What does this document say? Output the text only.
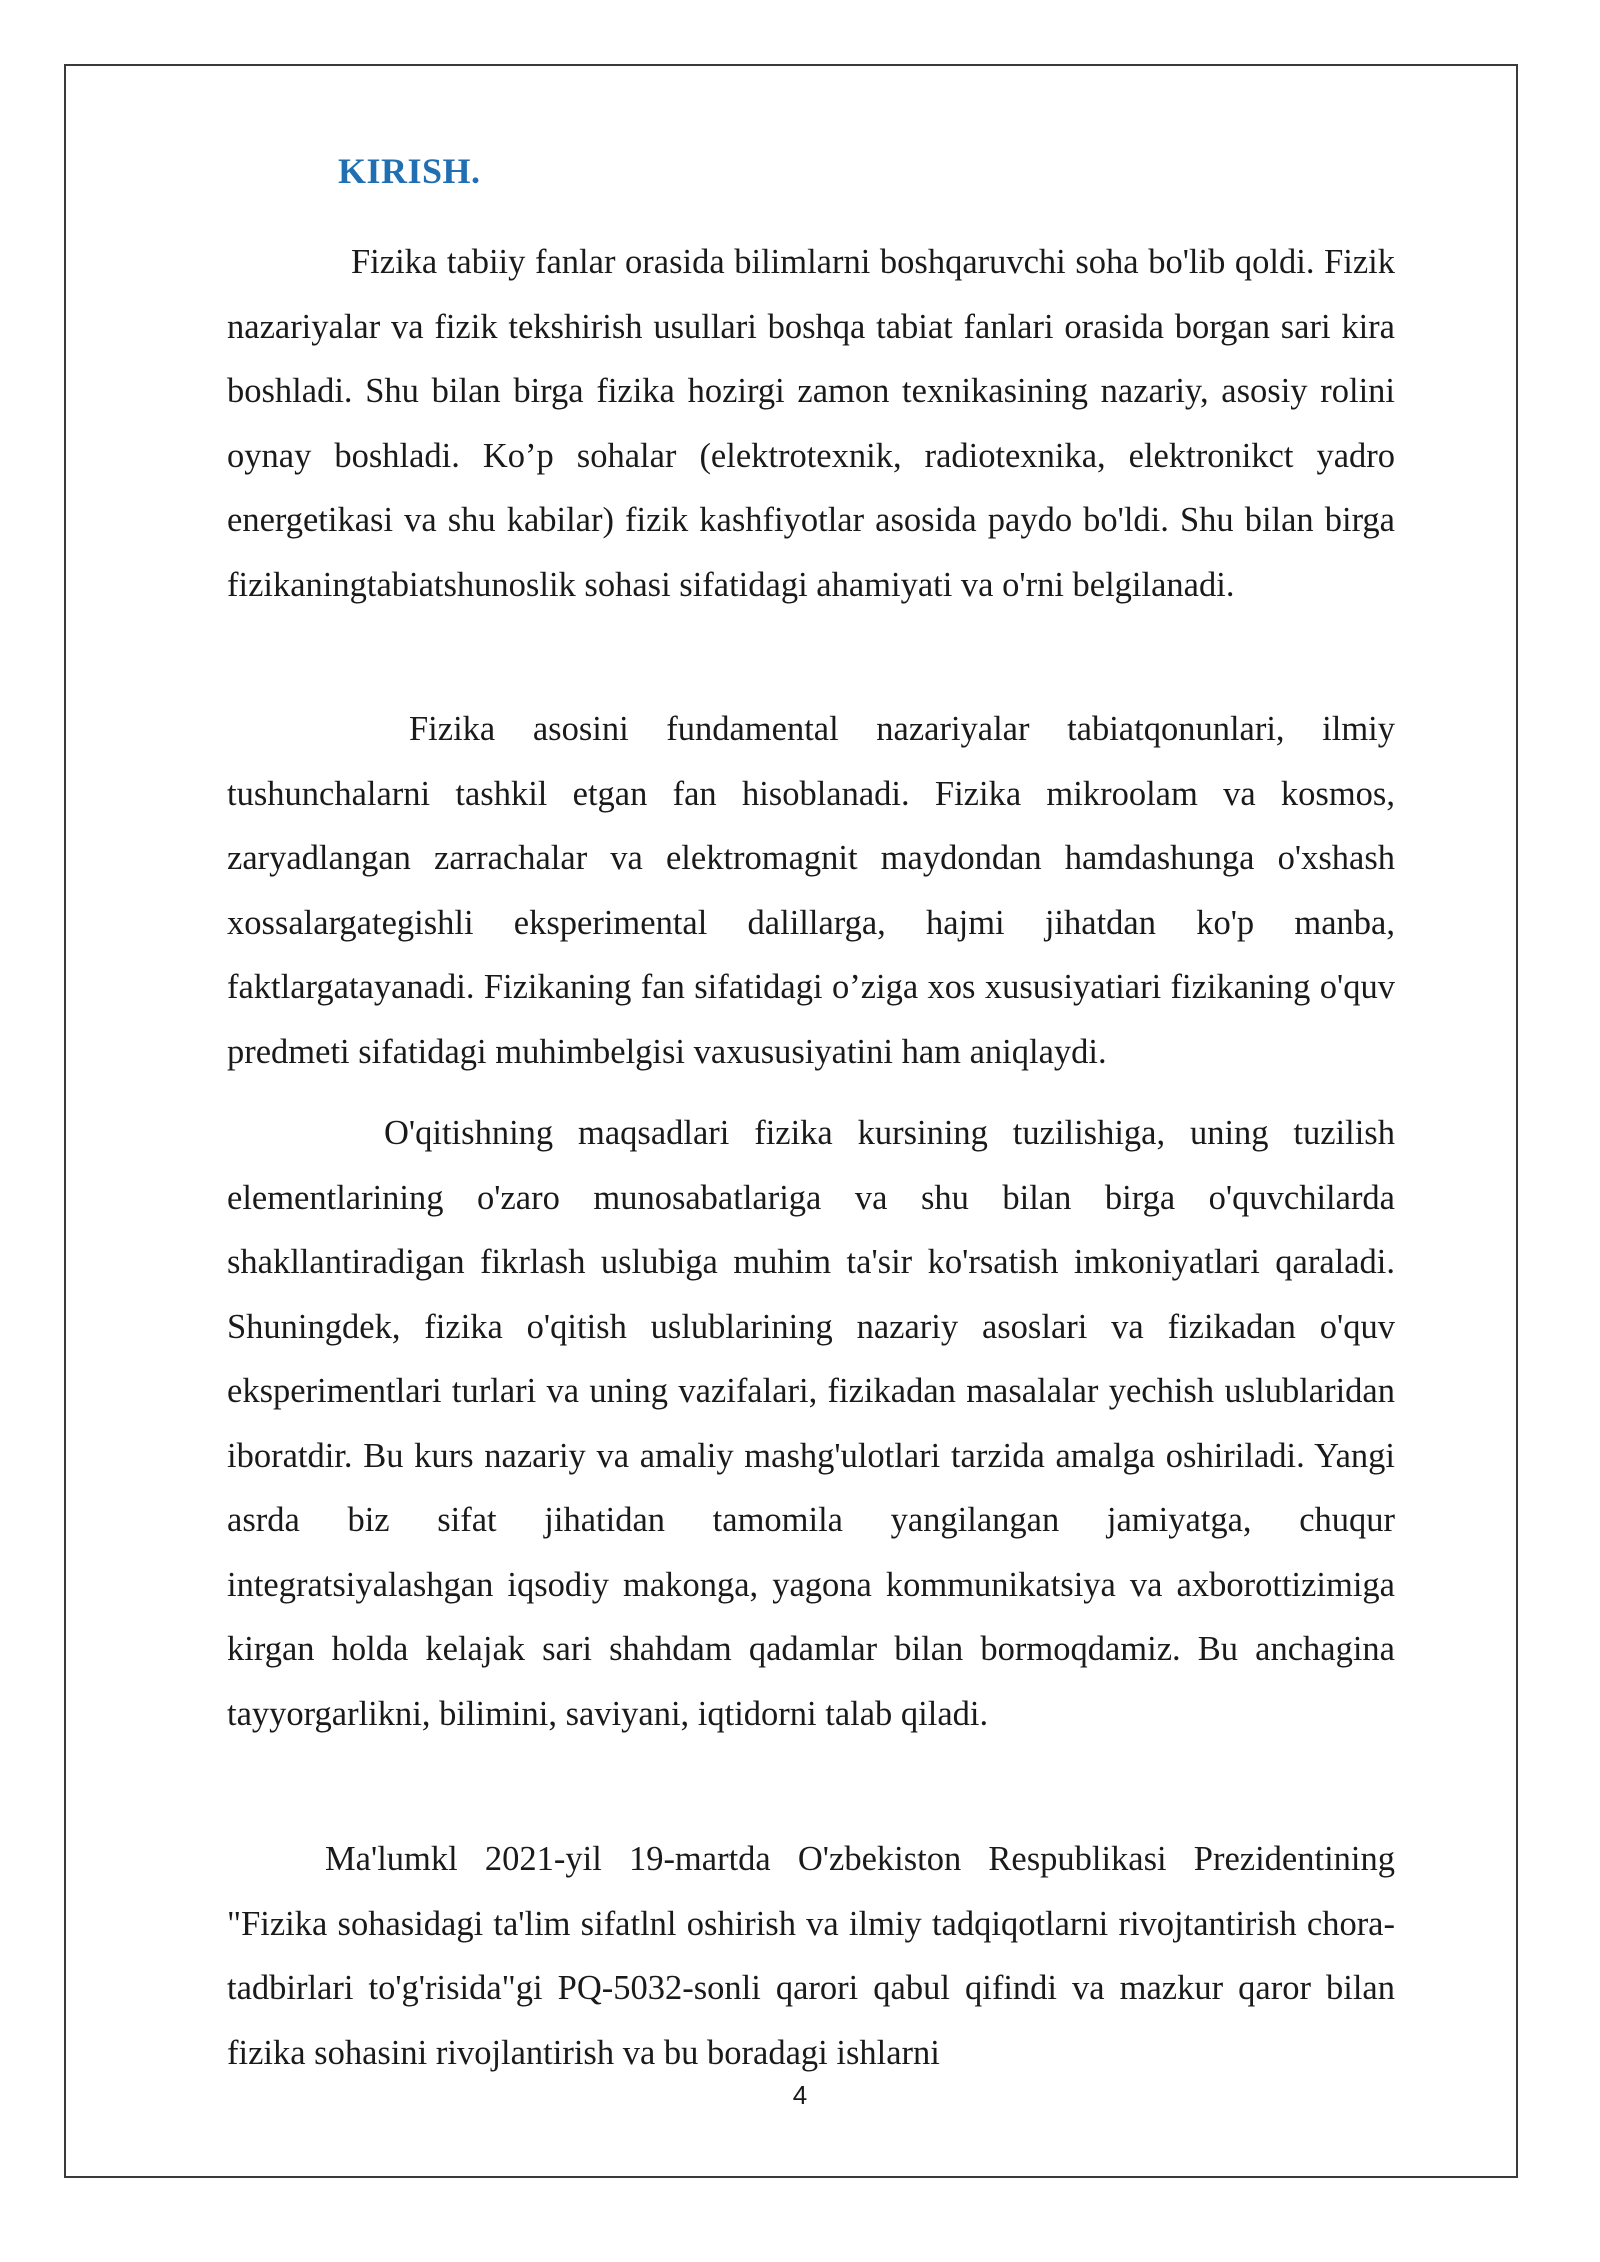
KIRISH.

Fizika tabiiy fanlar orasida bilimlarni boshqaruvchi soha bo'lib qoldi. Fizik nazariyalar va fizik tekshirish usullari boshqa tabiat fanlari orasida borgan sari kira boshladi. Shu bilan birga fizika hozirgi zamon texnikasining nazariy, asosiy rolini oynay boshladi. Ko’p sohalar (elektrotexnik, radiotexnika, elektronikct yadro energetikasi va shu kabilar) fizik kashfiyotlar asosida paydo bo'ldi. Shu bilan birga fizikaningtabiatshunoslik sohasi sifatidagi ahamiyati va o'rni belgilanadi.

Fizika asosini fundamental nazariyalar tabiatqonunlari, ilmiy tushunchalarni tashkil etgan fan hisoblanadi. Fizika mikroolam va kosmos, zaryadlangan zarrachalar va elektromagnit maydondan hamdashunga o'xshash xossalargategishli eksperimental dalillarga, hajmi jihatdan ko'p manba, faktlargatayanadi. Fizikaning fan sifatidagi o’ziga xos xususiyatiari fizikaning o'quv predmeti sifatidagi muhimbelgisi vaxususiyatini ham aniqlaydi.

O'qitishning maqsadlari fizika kursining tuzilishiga, uning tuzilish elementlarining o'zaro munosabatlariga va shu bilan birga o'quvchilarda shakllantiradigan fikrlash uslubiga muhim ta'sir ko'rsatish imkoniyatlari qaraladi. Shuningdek, fizika o'qitish uslublarining nazariy asoslari va fizikadan o'quv eksperimentlari turlari va uning vazifalari, fizikadan masalalar yechish uslublaridan iboratdir. Bu kurs nazariy va amaliy mashg'ulotlari tarzida amalga oshiriladi. Yangi asrda biz sifat jihatidan tamomila yangilangan jamiyatga, chuqur integratsiyalashgan iqsodiy makonga, yagona kommunikatsiya va axborottizimiga kirgan holda kelajak sari shahdam qadamlar bilan bormoqdamiz. Bu anchagina tayyorgarlikni, bilimini, saviyani, iqtidorni talab qiladi.

Ma'lumkl 2021-yil 19-martda O'zbekiston Respublikasi Prezidentining "Fizika sohasidagi ta'lim sifatlnl oshirish va ilmiy tadqiqotlarni rivojtantirish chora- tadbirlari to'g'risida"gi PQ-5032-sonli qarori qabul qifindi va mazkur qaror bilan fizika sohasini rivojlantirish va bu boradagi ishlarni

4
